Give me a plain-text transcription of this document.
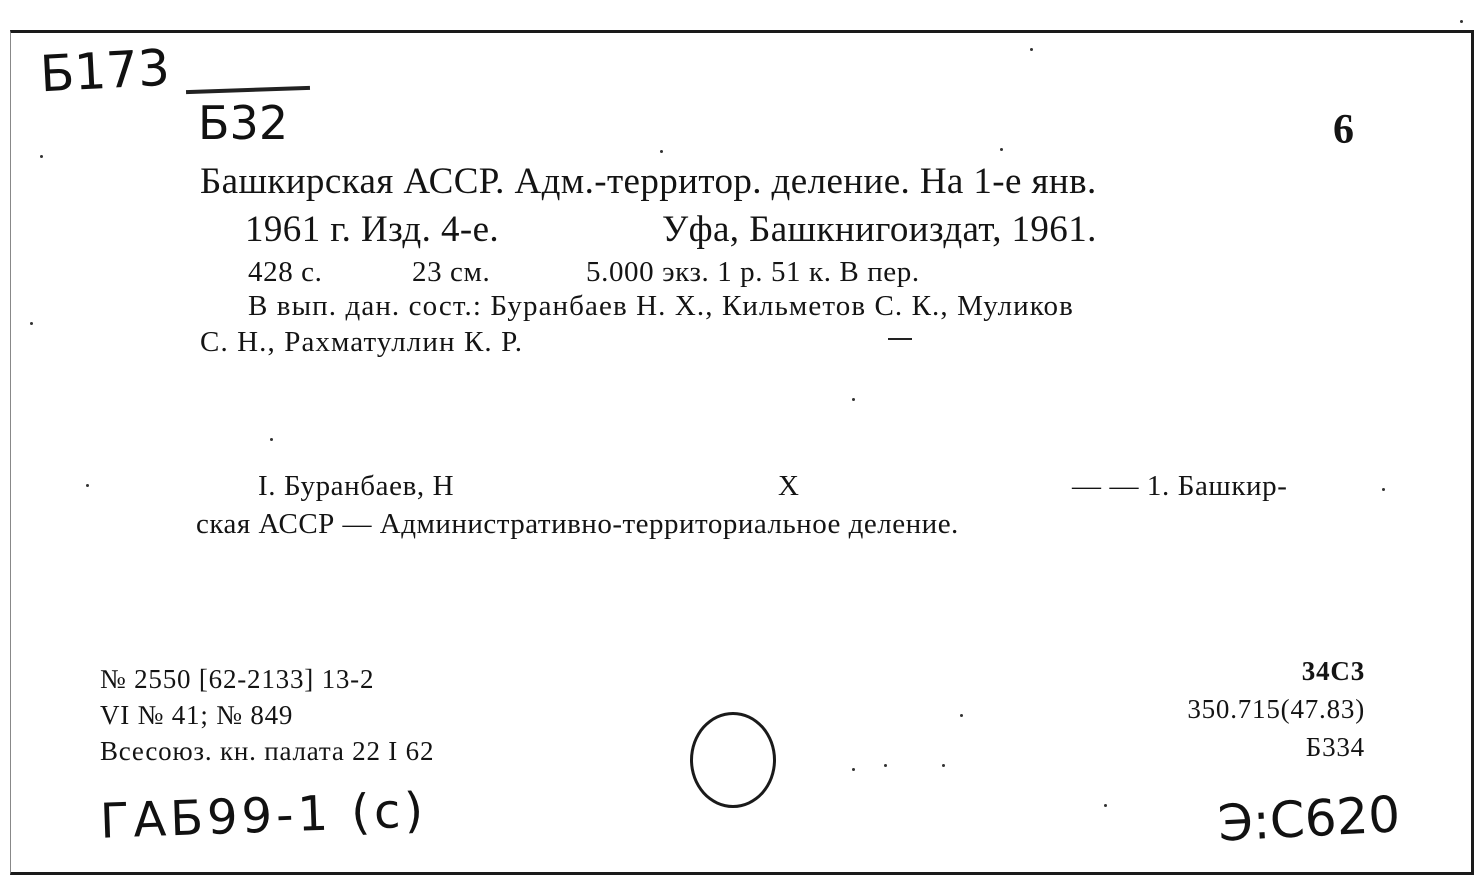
Б173
Б32	6
Башкирская АССР. Адм.-территор. деление. На 1-е янв.
1961 г. Изд. 4-е.	Уфа, Башкнигоиздат, 1961.
428 с.	23 см.	5.000 экз. 1 р. 51 к. В пер.
В вып. дан. сост.: Буранбаев Н. Х., Кильметов С. К., Муликов
С. Н., Рахматуллин К. Р.
I. Буранбаев, Н	Х	— — 1. Башкир-
ская АССР — Административно-территориальное деление.
№ 2550 [62-2133] 13-2
VI № 41; № 849
Всесоюз. кн. палата 22 I 62
34С3
350.715(47.83)
Б334
ГАБ99-1 (с)	Э:С620
